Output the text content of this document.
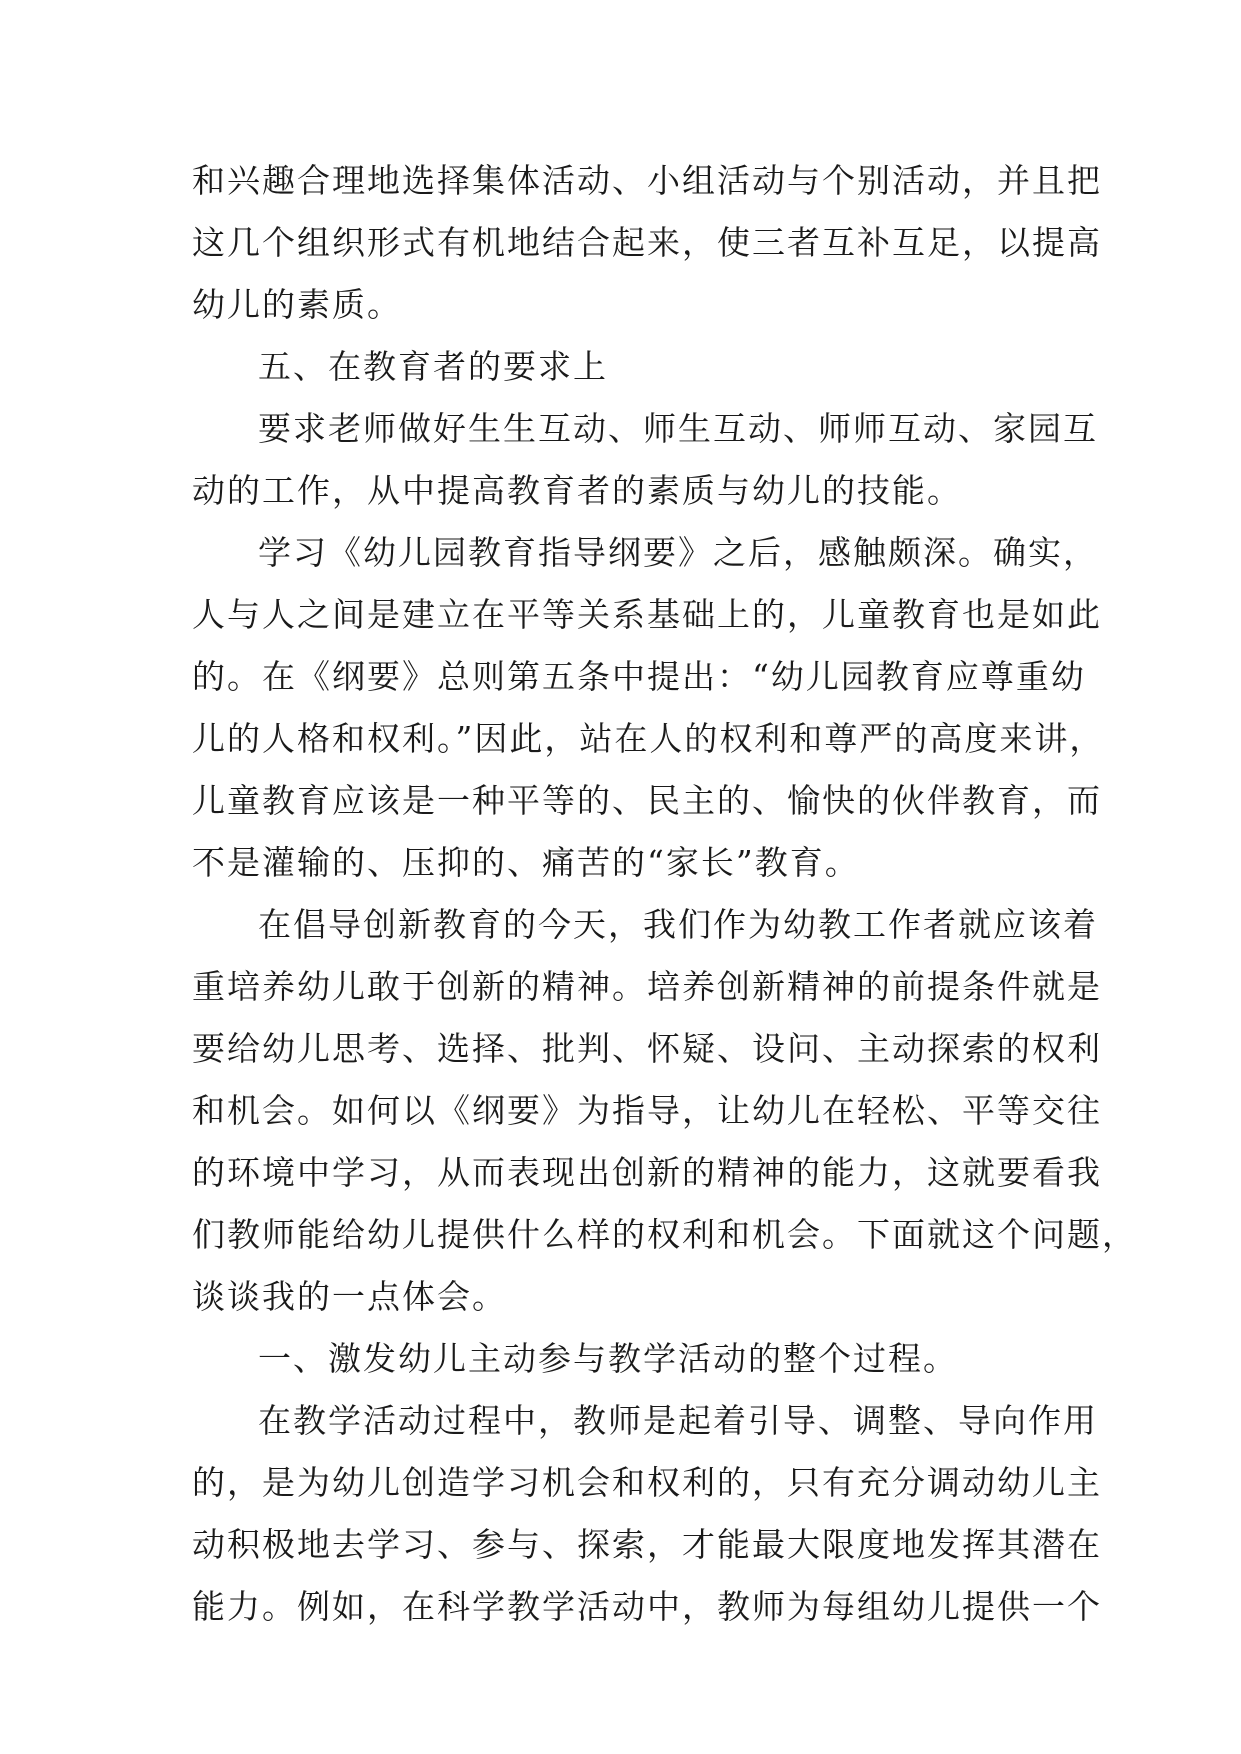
和兴趣合理地选择集体活动、小组活动与个别活动，并且把
这几个组织形式有机地结合起来，使三者互补互足，以提高
幼儿的素质。
五、在教育者的要求上
要求老师做好生生互动、师生互动、师师互动、家园互
动的工作，从中提高教育者的素质与幼儿的技能。
学习《幼儿园教育指导纲要》之后，感触颇深。确实，
人与人之间是建立在平等关系基础上的，儿童教育也是如此
的。在《纲要》总则第五条中提出：“幼儿园教育应尊重幼
儿的人格和权利。”因此，站在人的权利和尊严的高度来讲，
儿童教育应该是一种平等的、民主的、愉快的伙伴教育，而
不是灌输的、压抑的、痛苦的“家长”教育。
在倡导创新教育的今天，我们作为幼教工作者就应该着
重培养幼儿敢于创新的精神。培养创新精神的前提条件就是
要给幼儿思考、选择、批判、怀疑、设问、主动探索的权利
和机会。如何以《纲要》为指导，让幼儿在轻松、平等交往
的环境中学习，从而表现出创新的精神的能力，这就要看我
们教师能给幼儿提供什么样的权利和机会。下面就这个问题，
谈谈我的一点体会。
一、激发幼儿主动参与教学活动的整个过程。
在教学活动过程中，教师是起着引导、调整、导向作用
的，是为幼儿创造学习机会和权利的，只有充分调动幼儿主
动积极地去学习、参与、探索，才能最大限度地发挥其潜在
能力。例如，在科学教学活动中，教师为每组幼儿提供一个
